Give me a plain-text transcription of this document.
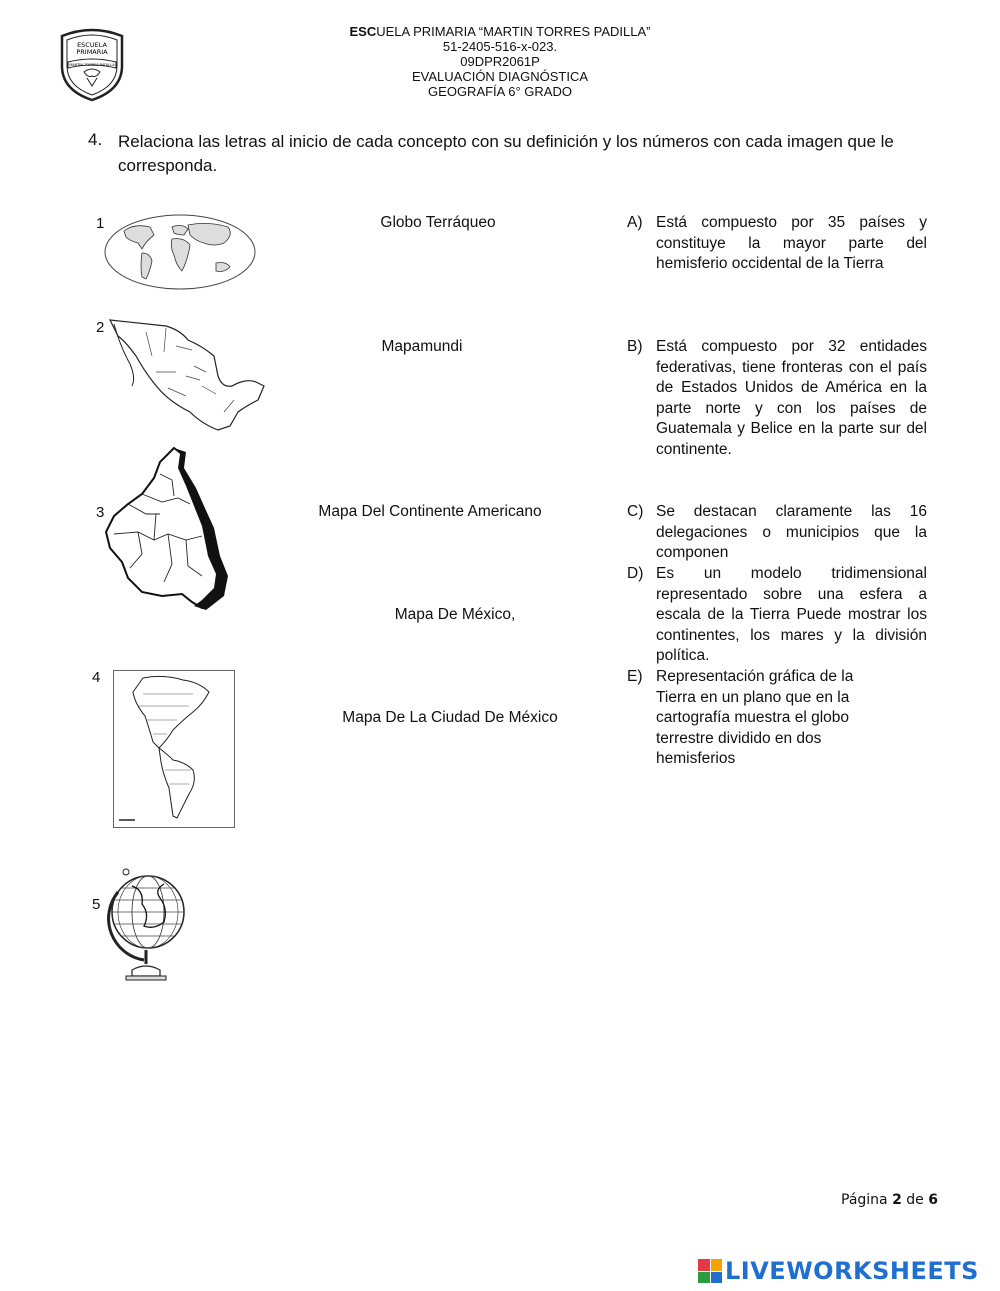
ESCUELA
PRIMARIA
MARTIN TORRES PADILLA
ESCUELA PRIMARIA “MARTIN TORRES PADILLA”
51-2405-516-x-023.
09DPR2061P
EVALUACIÓN DIAGNÓSTICA
GEOGRAFÍA 6° GRADO
4. Relaciona las letras al inicio de cada concepto con su definición y los números con cada imagen que le corresponda.
1
2
3
4
5
Globo Terráqueo
Mapamundi
Mapa Del Continente Americano
Mapa De México,
Mapa De La Ciudad De México
A) Está compuesto por 35 países y constituye la mayor parte del hemisferio occidental de la Tierra
B) Está compuesto por 32 entidades federativas, tiene fronteras con el país de Estados Unidos de América en la parte norte y con los países de Guatemala y Belice en la parte sur del continente.
C) Se destacan claramente las 16 delegaciones o municipios que la componen
D) Es un modelo tridimensional representado sobre una esfera a escala de la Tierra Puede mostrar los continentes, los mares y la división política.
E) Representación gráfica de la Tierra en un plano que en la cartografía muestra el globo terrestre dividido en dos hemisferios
Página 2 de 6
LIVEWORKSHEETS
